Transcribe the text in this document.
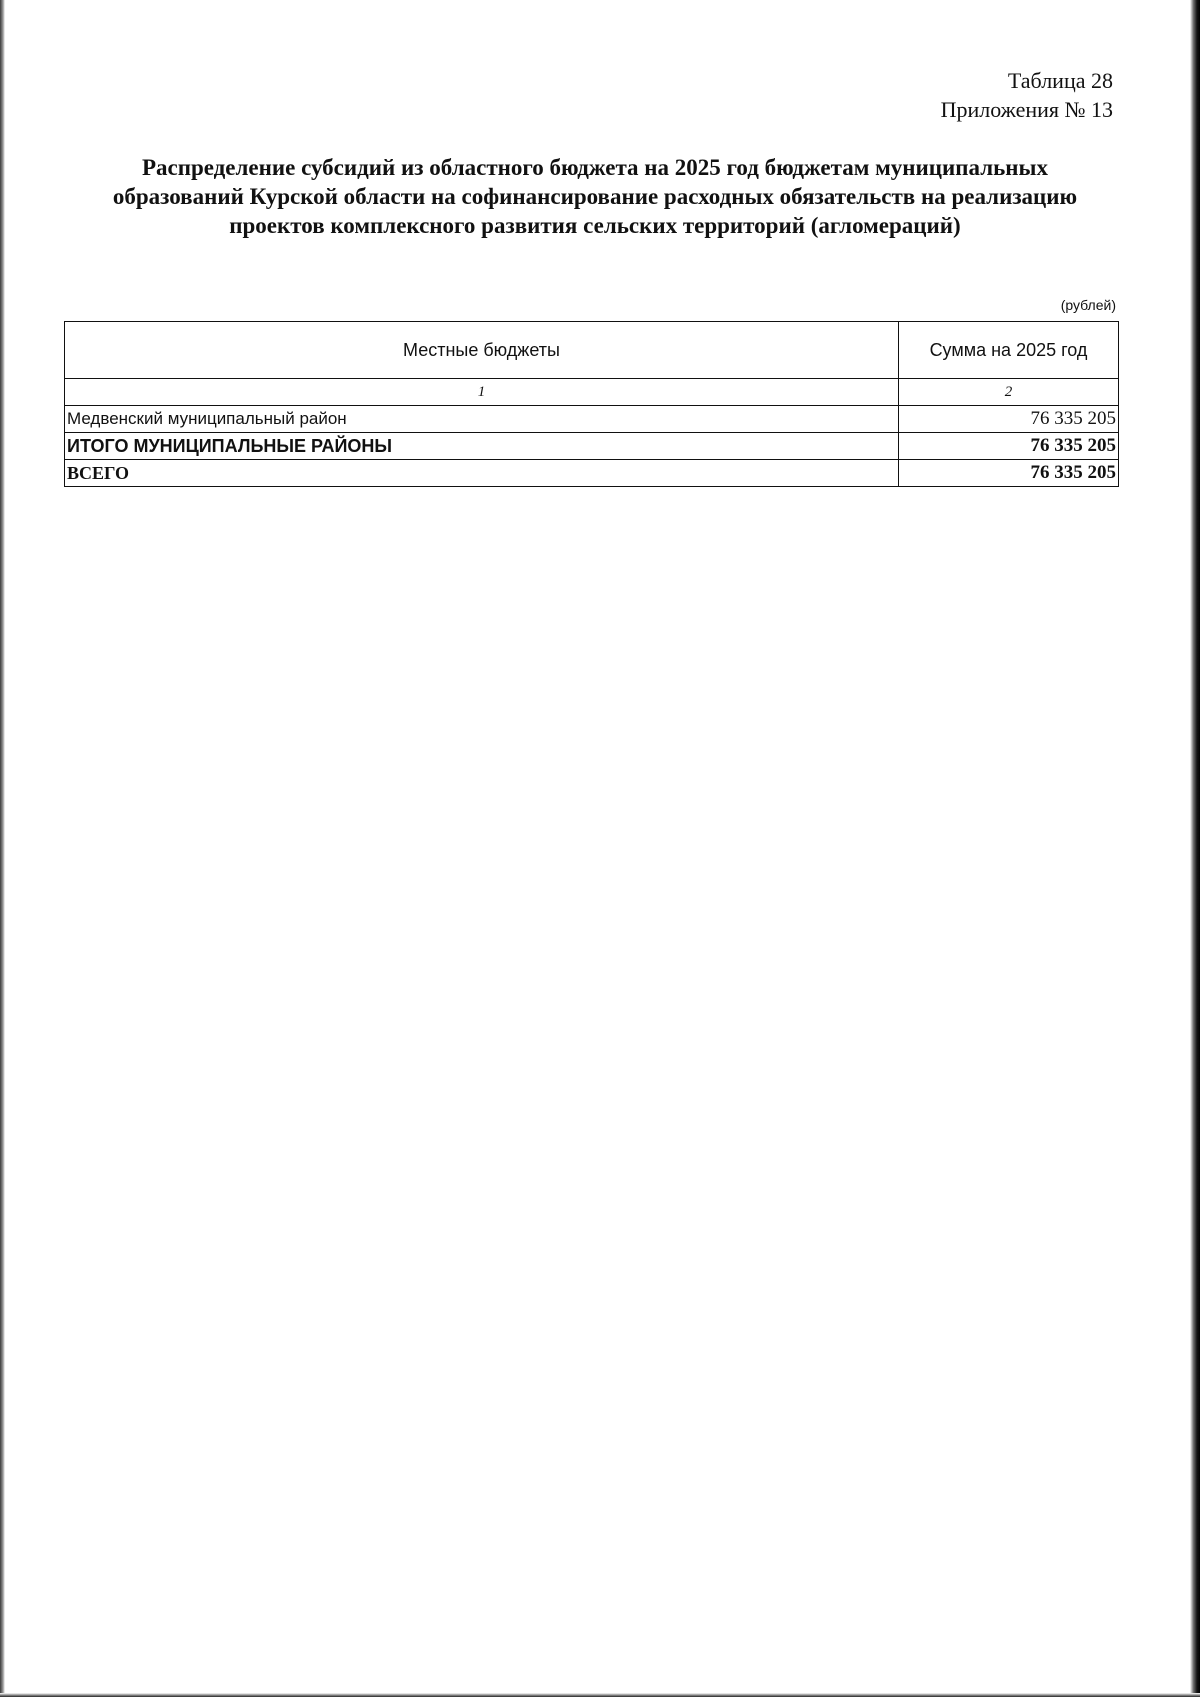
Таблица 28
Приложения № 13
Распределение субсидий из областного бюджета на 2025 год бюджетам муниципальных
образований Курской области на софинансирование расходных обязательств на реализацию
проектов комплексного развития сельских территорий (агломераций)
(рублей)
Местные бюджеты	Сумма на 2025 год
1	2
Медвенский муниципальный район	76 335 205
ИТОГО МУНИЦИПАЛЬНЫЕ РАЙОНЫ	76 335 205
ВСЕГО	76 335 205
